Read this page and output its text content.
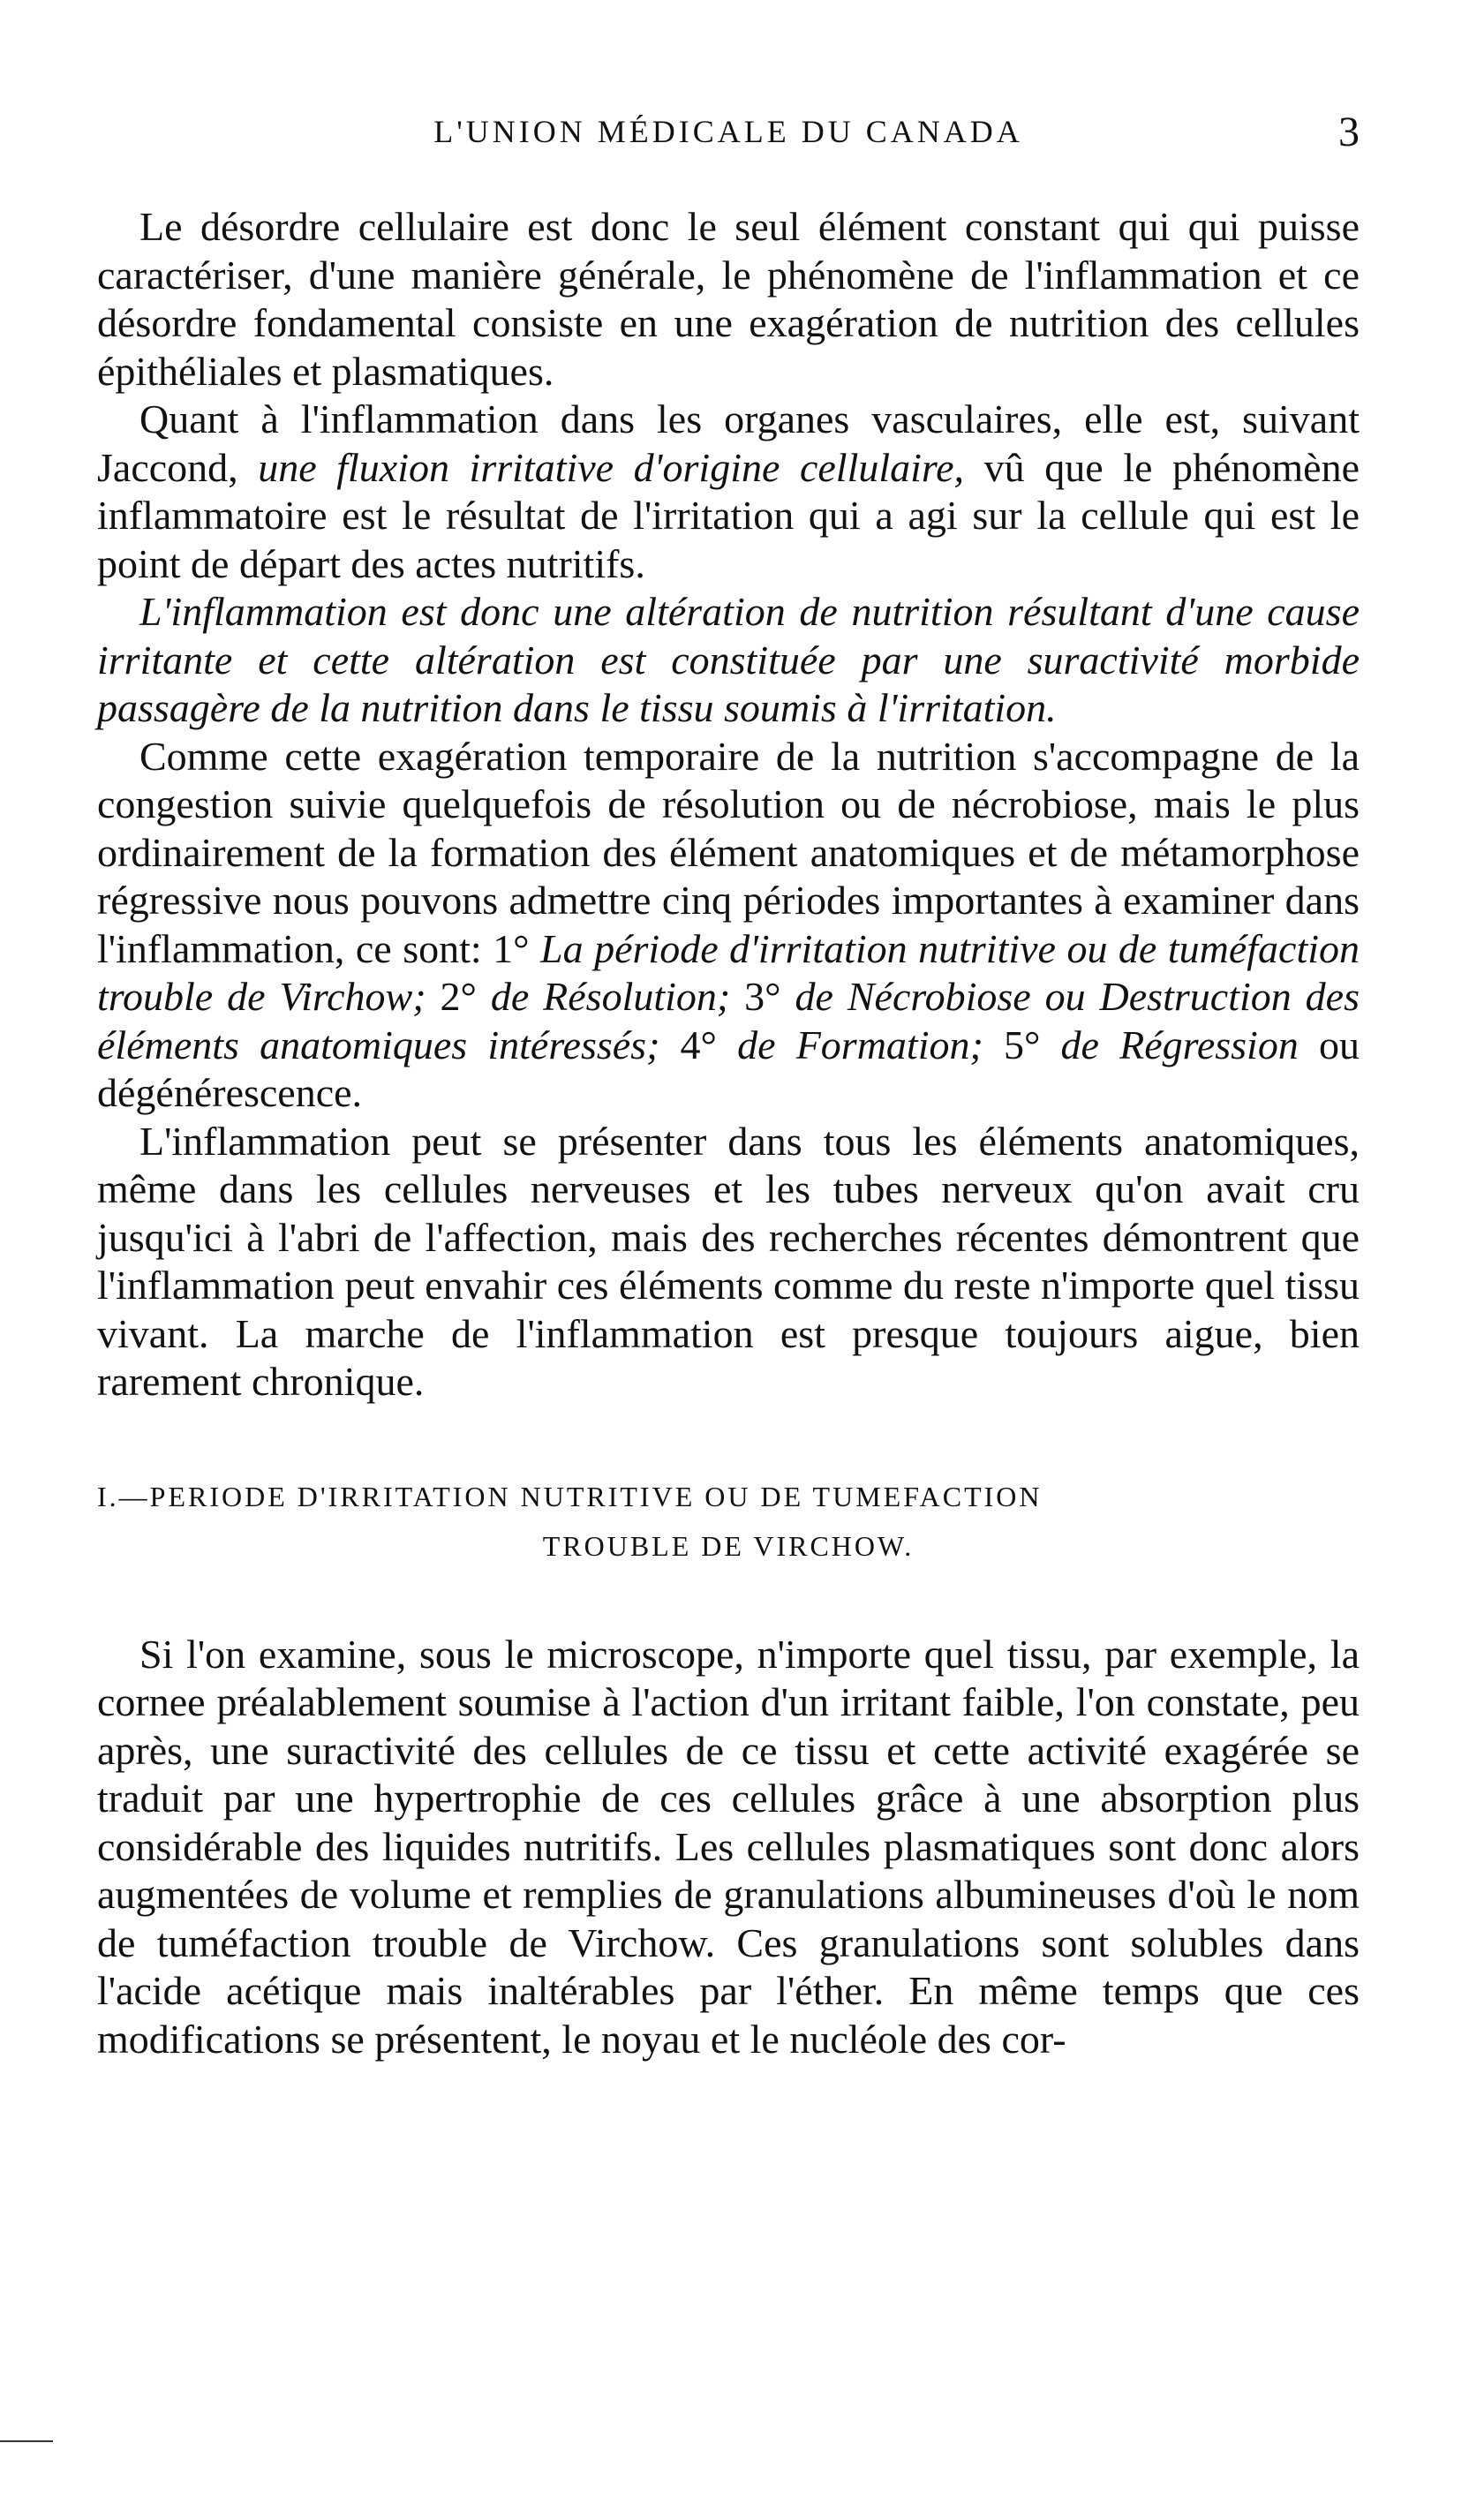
L'UNION MÉDICALE DU CANADA	3

Le désordre cellulaire est donc le seul élément constant qui qui puisse caractériser, d'une manière générale, le phénomène de l'inflammation et ce désordre fondamental consiste en une exagération de nutrition des cellules épithéliales et plasmatiques.

Quant à l'inflammation dans les organes vasculaires, elle est, suivant Jaccond, une fluxion irritative d'origine cellulaire, vû que le phénomène inflammatoire est le résultat de l'irritation qui a agi sur la cellule qui est le point de départ des actes nutritifs.

L'inflammation est donc une altération de nutrition résultant d'une cause irritante et cette altération est constituée par une suractivité morbide passagère de la nutrition dans le tissu soumis à l'irritation.

Comme cette exagération temporaire de la nutrition s'accompagne de la congestion suivie quelquefois de résolution ou de nécrobiose, mais le plus ordinairement de la formation des élément anatomiques et de métamorphose régressive nous pouvons admettre cinq périodes importantes à examiner dans l'inflammation, ce sont: 1° La période d'irritation nutritive ou de tuméfaction trouble de Virchow; 2° de Résolution; 3° de Nécrobiose ou Destruction des éléments anatomiques intéressés; 4° de Formation; 5° de Régression ou dégénérescence.

L'inflammation peut se présenter dans tous les éléments anatomiques, même dans les cellules nerveuses et les tubes nerveux qu'on avait cru jusqu'ici à l'abri de l'affection, mais des recherches récentes démontrent que l'inflammation peut envahir ces éléments comme du reste n'importe quel tissu vivant. La marche de l'inflammation est presque toujours aigue, bien rarement chronique.

I.—PERIODE D'IRRITATION NUTRITIVE OU DE TUMEFACTION
TROUBLE DE VIRCHOW.

Si l'on examine, sous le microscope, n'importe quel tissu, par exemple, la cornee préalablement soumise à l'action d'un irritant faible, l'on constate, peu après, une suractivité des cellules de ce tissu et cette activité exagérée se traduit par une hypertrophie de ces cellules grâce à une absorption plus considérable des liquides nutritifs. Les cellules plasmatiques sont donc alors augmentées de volume et remplies de granulations albumineuses d'où le nom de tuméfaction trouble de Virchow. Ces granulations sont solubles dans l'acide acétique mais inaltérables par l'éther. En même temps que ces modifications se présentent, le noyau et le nucléole des cor-
